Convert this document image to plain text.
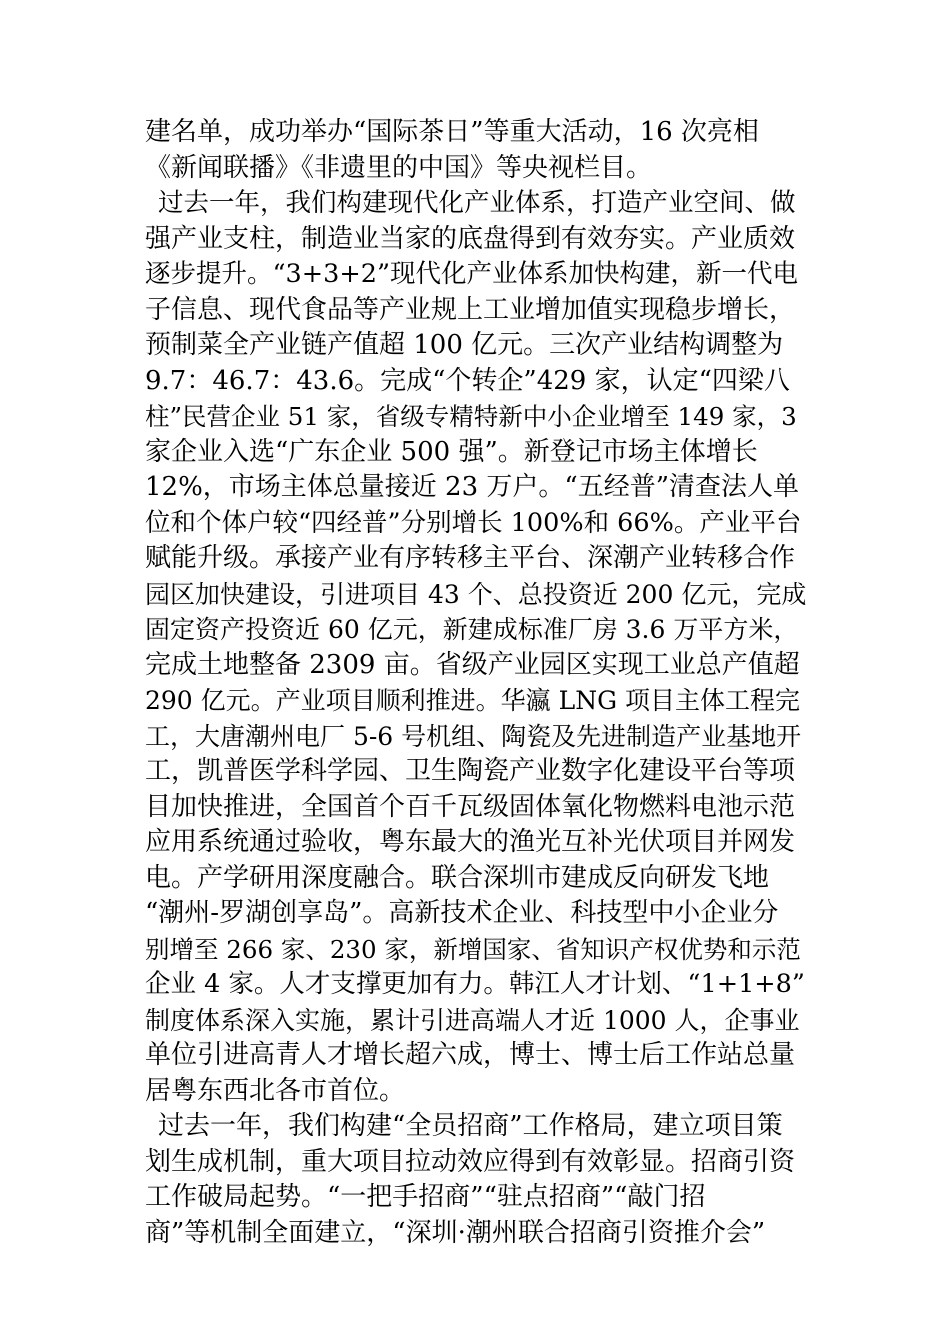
建名单，成功举办“国际茶日”等重大活动，16 次亮相
《新闻联播》《非遗里的中国》等央视栏目。
过去一年，我们构建现代化产业体系，打造产业空间、做
强产业支柱，制造业当家的底盘得到有效夯实。产业质效
逐步提升。“3+3+2”现代化产业体系加快构建，新一代电
子信息、现代食品等产业规上工业增加值实现稳步增长，
预制菜全产业链产值超 100 亿元。三次产业结构调整为
9.7：46.7：43.6。完成“个转企”429 家，认定“四梁八
柱”民营企业 51 家，省级专精特新中小企业增至 149 家，3
家企业入选“广东企业 500 强”。新登记市场主体增长
12%，市场主体总量接近 23 万户。“五经普”清查法人单
位和个体户较“四经普”分别增长 100%和 66%。产业平台
赋能升级。承接产业有序转移主平台、深潮产业转移合作
园区加快建设，引进项目 43 个、总投资近 200 亿元，完成
固定资产投资近 60 亿元，新建成标准厂房 3.6 万平方米，
完成土地整备 2309 亩。省级产业园区实现工业总产值超
290 亿元。产业项目顺利推进。华瀛 LNG 项目主体工程完
工，大唐潮州电厂 5-6 号机组、陶瓷及先进制造产业基地开
工，凯普医学科学园、卫生陶瓷产业数字化建设平台等项
目加快推进，全国首个百千瓦级固体氧化物燃料电池示范
应用系统通过验收，粤东最大的渔光互补光伏项目并网发
电。产学研用深度融合。联合深圳市建成反向研发飞地
“潮州-罗湖创享岛”。高新技术企业、科技型中小企业分
别增至 266 家、230 家，新增国家、省知识产权优势和示范
企业 4 家。人才支撑更加有力。韩江人才计划、“1+1+8”
制度体系深入实施，累计引进高端人才近 1000 人，企事业
单位引进高青人才增长超六成，博士、博士后工作站总量
居粤东西北各市首位。
过去一年，我们构建“全员招商”工作格局，建立项目策
划生成机制，重大项目拉动效应得到有效彰显。招商引资
工作破局起势。“一把手招商”“驻点招商”“敲门招
商”等机制全面建立，“深圳·潮州联合招商引资推介会”
